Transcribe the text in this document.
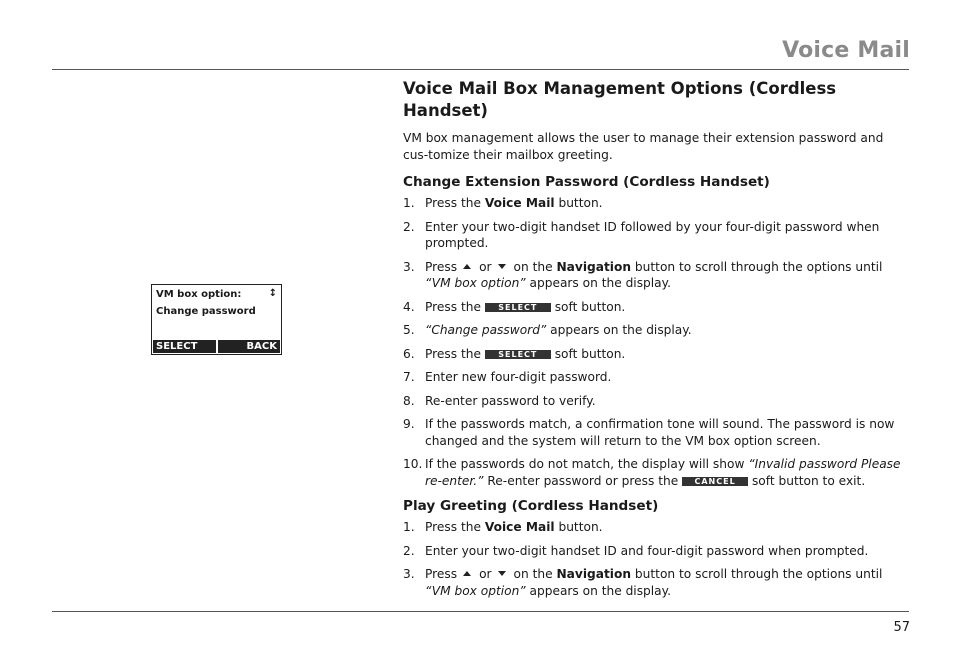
Voice Mail
VM box option:	↕
Change password
SELECT	BACK
Voice Mail Box Management Options (Cordless Handset)
VM box management allows the user to manage their extension password and cus-tomize their mailbox greeting.
Change Extension Password (Cordless Handset)
1. Press the Voice Mail button.
2. Enter your two-digit handset ID followed by your four-digit password when prompted.
3. Press or on the Navigation button to scroll through the options until “VM box option” appears on the display.
4. Press the SELECT soft button.
5. “Change password” appears on the display.
6. Press the SELECT soft button.
7. Enter new four-digit password.
8. Re-enter password to verify.
9. If the passwords match, a confirmation tone will sound. The password is now changed and the system will return to the VM box option screen.
10. If the passwords do not match, the display will show “Invalid password Please re-enter.” Re-enter password or press the CANCEL soft button to exit.
Play Greeting (Cordless Handset)
1. Press the Voice Mail button.
2. Enter your two-digit handset ID and four-digit password when prompted.
3. Press or on the Navigation button to scroll through the options until “VM box option” appears on the display.
57
